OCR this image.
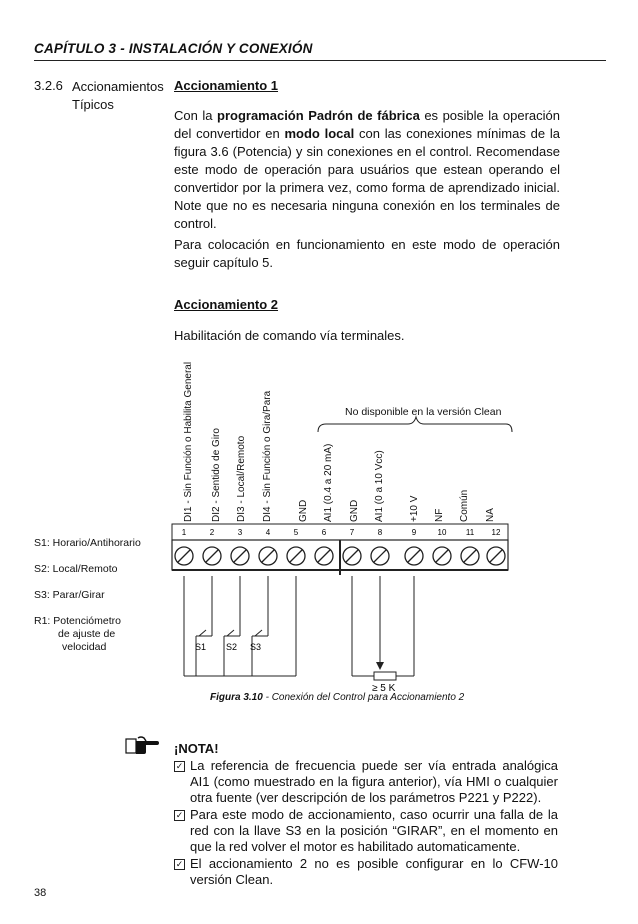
CAPÍTULO 3 - INSTALACIÓN Y CONEXIÓN
3.2.6 Accionamientos
Típicos
Accionamiento 1
Con la programación Padrón de fábrica es posible la operación del convertidor en modo local con las conexiones mínimas de la figura 3.6 (Potencia) y sin conexiones en el control. Recomendase este modo de operación para usuários que estean operando el convertidor por la primera vez, como forma de aprendizado inicial. Note que no es necesaria ninguna conexión en los terminales de control.
Para colocación en funcionamiento en este modo de operación seguir capítulo 5.
Accionamiento 2
Habilitación de comando vía terminales.
DI1 - Sin Función o Habilita General DI2 - Sentido de Giro DI3 - Local/Remoto DI4 - Sin Función o Gira/Para	GND AI1 (0.4 a 20 mA) GND AI1 (0 a 10 Vcc) +10 V NF Común NA
No disponible en la versión Clean
S1: Horario/Antihorario
S2: Local/Remoto
S3: Parar/Girar
R1: Potenciómetro
de ajuste de
velocidad
1	2	3	4	5	6	7	8	9	10 11 12
S1 S2 S3
≥ 5 K
Figura 3.10 - Conexión del Control para Accionamiento 2
¡NOTA!
✓ La referencia de frecuencia puede ser vía entrada analógica AI1 (como muestrado en la figura anterior), vía HMI o cualquier otra fuente (ver descripción de los parámetros P221 y P222).
✓ Para este modo de accionamiento, caso ocurrir una falla de la red con la llave S3 en la posición “GIRAR”, en el momento en que la red volver el motor es habilitado automaticamente.
✓ El accionamiento 2 no es posible configurar en lo CFW-10 versión Clean.
38
